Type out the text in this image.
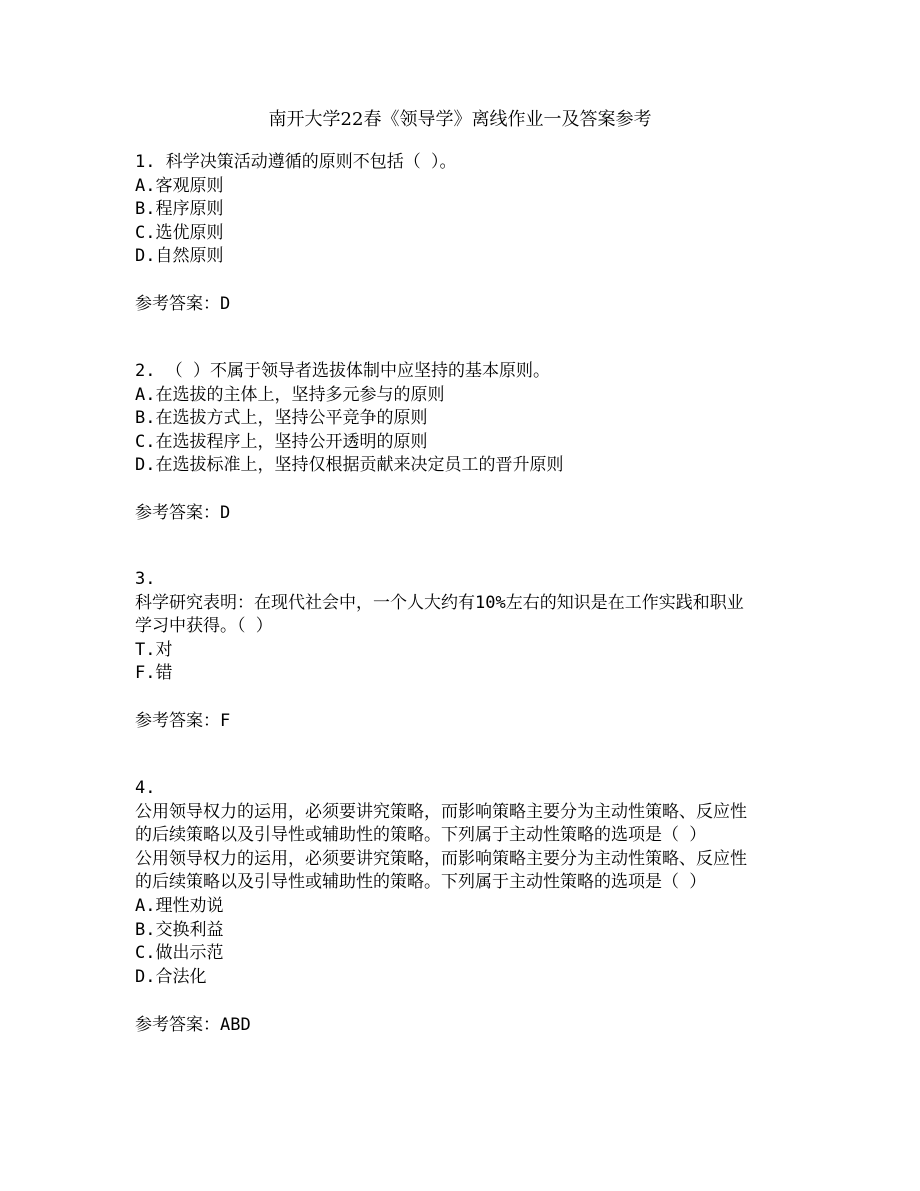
南开大学22春《领导学》离线作业一及答案参考
1. 科学决策活动遵循的原则不包括（ ）。
A.客观原则
B.程序原则
C.选优原则
D.自然原则
参考答案：D
2. （ ）不属于领导者选拔体制中应坚持的基本原则。
A.在选拔的主体上，坚持多元参与的原则
B.在选拔方式上，坚持公平竞争的原则
C.在选拔程序上，坚持公开透明的原则
D.在选拔标准上，坚持仅根据贡献来决定员工的晋升原则
参考答案：D
3.
科学研究表明：在现代社会中，一个人大约有10%左右的知识是在工作实践和职业
学习中获得。（ ）
T.对
F.错
参考答案：F
4.
公用领导权力的运用，必须要讲究策略，而影响策略主要分为主动性策略、反应性
的后续策略以及引导性或辅助性的策略。下列属于主动性策略的选项是（ ）
公用领导权力的运用，必须要讲究策略，而影响策略主要分为主动性策略、反应性
的后续策略以及引导性或辅助性的策略。下列属于主动性策略的选项是（ ）
A.理性劝说
B.交换利益
C.做出示范
D.合法化
参考答案：ABD
